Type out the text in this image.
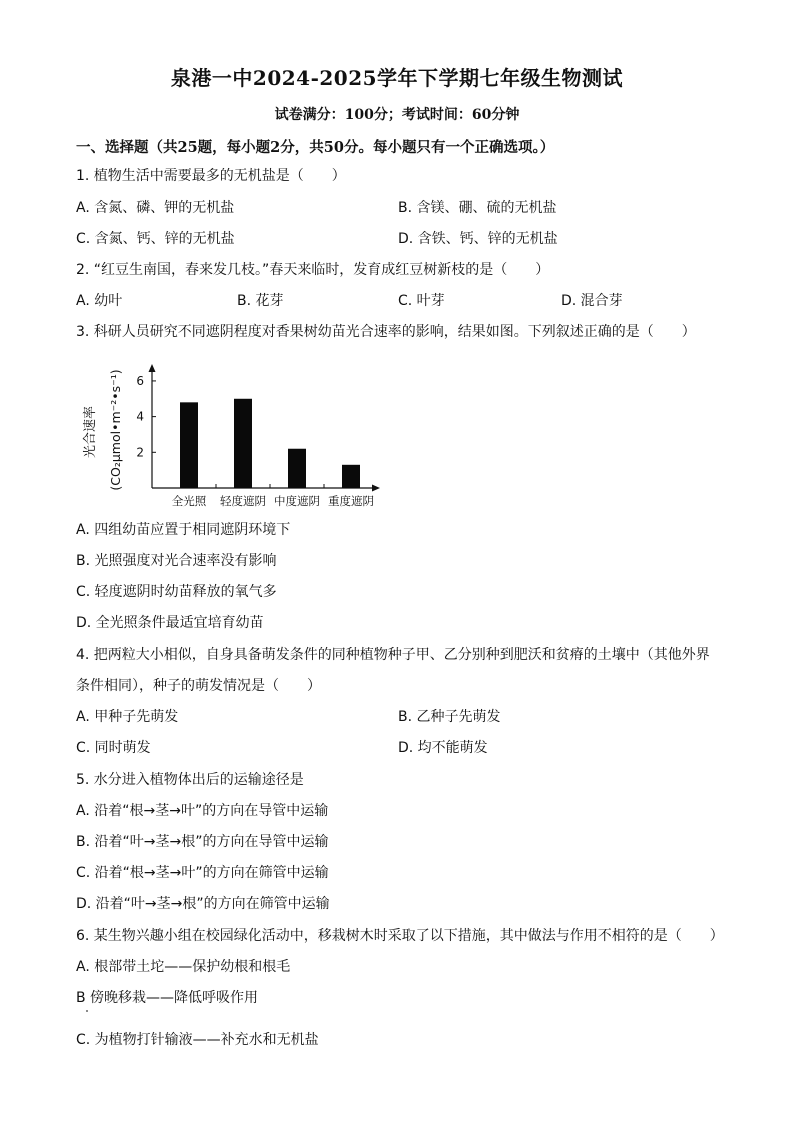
泉港一中2024-2025学年下学期七年级生物测试
试卷满分：100分；考试时间：60分钟
一、选择题（共25题，每小题2分，共50分。每小题只有一个正确选项。）
1. 植物生活中需要最多的无机盐是（　　）
A. 含氮、磷、钾的无机盐	B. 含镁、硼、硫的无机盐
C. 含氮、钙、锌的无机盐	D. 含铁、钙、锌的无机盐
2. “红豆生南国，春来发几枝。”春天来临时，发育成红豆树新枝的是（　　）
A. 幼叶	B. 花芽	C. 叶芽	D. 混合芽
3. 科研人员研究不同遮阴程度对香果树幼苗光合速率的影响，结果如图。下列叙述正确的是（　　）
2
4
6
光合速率 (CO₂μmol•m⁻²•s⁻¹)
全光照 轻度遮阴 中度遮阴 重度遮阴
A. 四组幼苗应置于相同遮阴环境下
B. 光照强度对光合速率没有影响
C. 轻度遮阴时幼苗释放的氧气多
D. 全光照条件最适宜培育幼苗
4. 把两粒大小相似，自身具备萌发条件的同种植物种子甲、乙分别种到肥沃和贫瘠的土壤中（其他外界
条件相同），种子的萌发情况是（　　）
A. 甲种子先萌发	B. 乙种子先萌发
C. 同时萌发	D. 均不能萌发
5. 水分进入植物体出后的运输途径是
A. 沿着“根→茎→叶”的方向在导管中运输
B. 沿着“叶→茎→根”的方向在导管中运输
C. 沿着“根→茎→叶”的方向在筛管中运输
D. 沿着“叶→茎→根”的方向在筛管中运输
6. 某生物兴趣小组在校园绿化活动中，移栽树木时采取了以下措施，其中做法与作用不相符的是（　　）
A. 根部带土坨——保护幼根和根毛
B 傍晚移栽——降低呼吸作用
C. 为植物打针输液——补充水和无机盐
